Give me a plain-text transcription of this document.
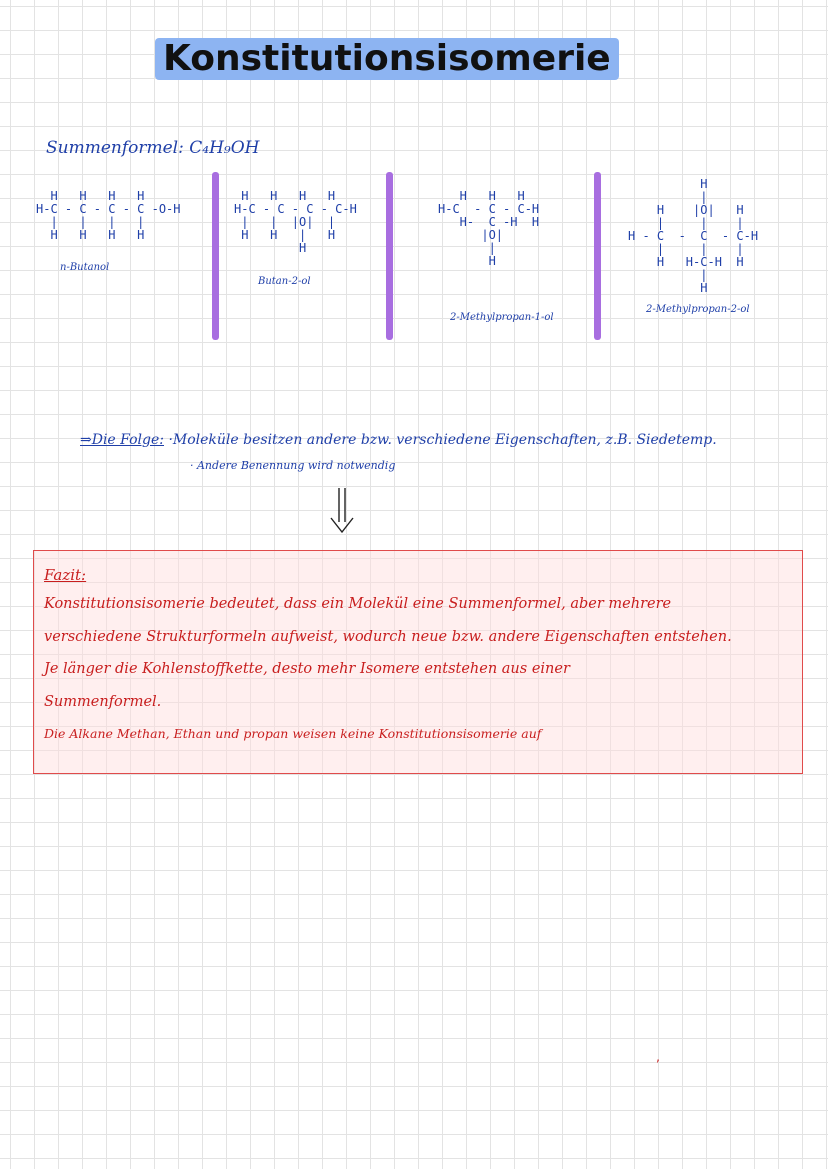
Konstitutionsisomerie
Summenformel: C₄H₉OH
H   H   H   H
H-C - C - C - C -O-H
|   |   |   |
H   H   H   H
n-Butanol
H   H   H   H
H-C - C - C - C-H
|   |  |O|  |
H   H   |   H
H
Butan-2-ol
H   H   H
H-C  - C - C-H
H-  C -H  H
|O|
|
H
2-Methylpropan-1-ol
H
|
H    |O|   H
|     |    |
H - C  -  C  - C-H
|     |    |
H   H-C-H  H
|
H
2-Methylpropan-2-ol
⇒Die Folge: ·Moleküle besitzen andere bzw. verschiedene Eigenschaften, z.B. Siedetemp.
· Andere Benennung wird notwendig
Fazit:
Konstitutionsisomerie bedeutet, dass ein Molekül eine Summenformel, aber mehrere
verschiedene Strukturformeln aufweist, wodurch neue bzw. andere Eigenschaften entstehen.
Je länger die Kohlenstoffkette, desto mehr Isomere entstehen aus einer
Summenformel.
Die Alkane Methan, Ethan und propan weisen keine Konstitutionsisomerie auf
‚
